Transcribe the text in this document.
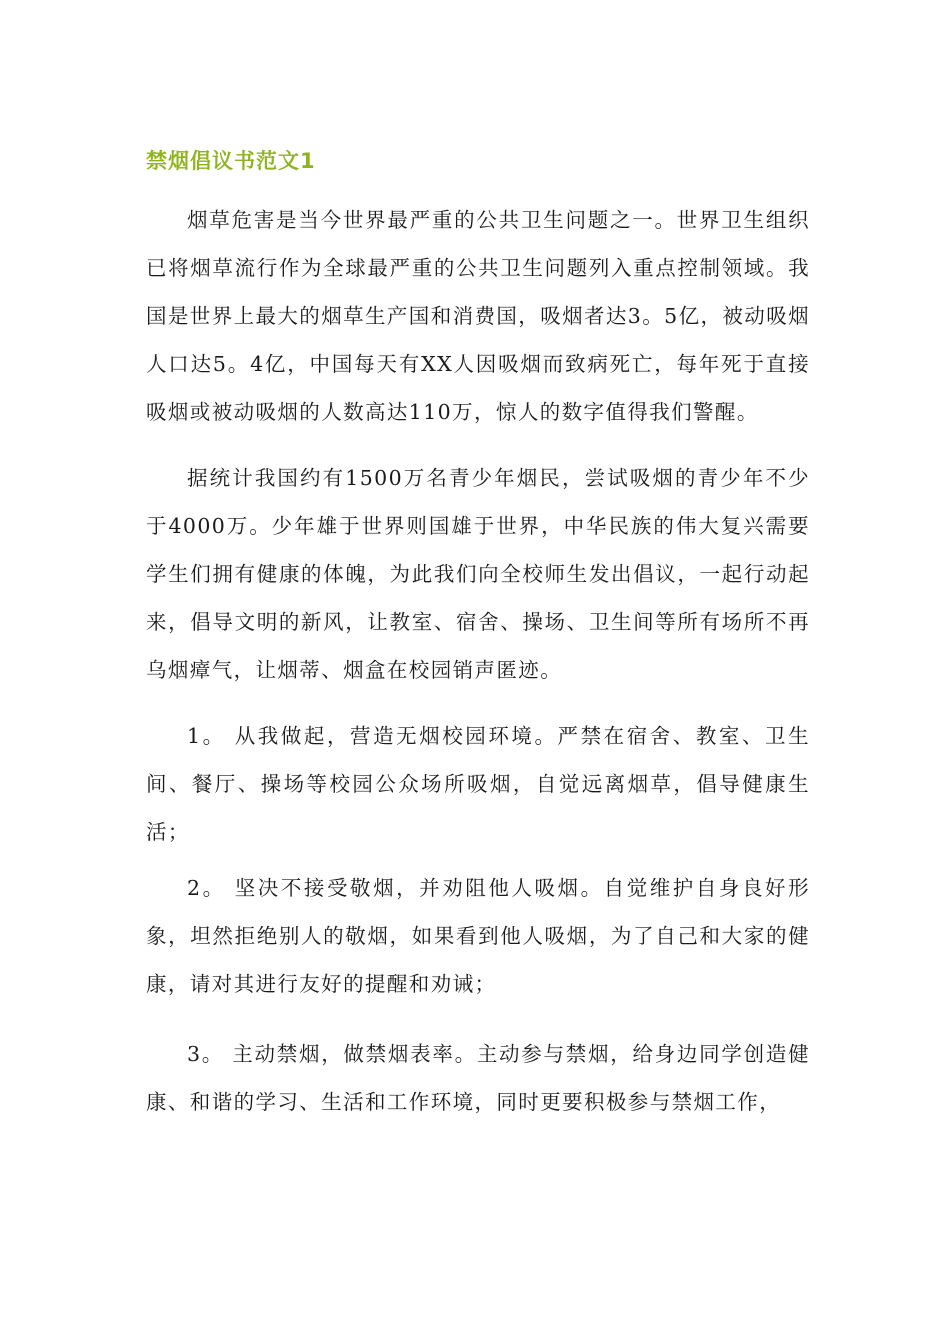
禁烟倡议书范文1

烟草危害是当今世界最严重的公共卫生问题之一。世界卫生组织已将烟草流行作为全球最严重的公共卫生问题列入重点控制领域。我国是世界上最大的烟草生产国和消费国，吸烟者达3。5亿，被动吸烟人口达5。4亿，中国每天有XX人因吸烟而致病死亡，每年死于直接吸烟或被动吸烟的人数高达110万，惊人的数字值得我们警醒。

据统计我国约有1500万名青少年烟民，尝试吸烟的青少年不少于4000万。少年雄于世界则国雄于世界，中华民族的伟大复兴需要学生们拥有健康的体魄，为此我们向全校师生发出倡议，一起行动起来，倡导文明的新风，让教室、宿舍、操场、卫生间等所有场所不再乌烟瘴气，让烟蒂、烟盒在校园销声匿迹。

1。 从我做起，营造无烟校园环境。严禁在宿舍、教室、卫生间、餐厅、操场等校园公众场所吸烟，自觉远离烟草，倡导健康生活；

2。 坚决不接受敬烟，并劝阻他人吸烟。自觉维护自身良好形象，坦然拒绝别人的敬烟，如果看到他人吸烟，为了自己和大家的健康，请对其进行友好的提醒和劝诫；

3。 主动禁烟，做禁烟表率。主动参与禁烟，给身边同学创造健康、和谐的学习、生活和工作环境，同时更要积极参与禁烟工作，
